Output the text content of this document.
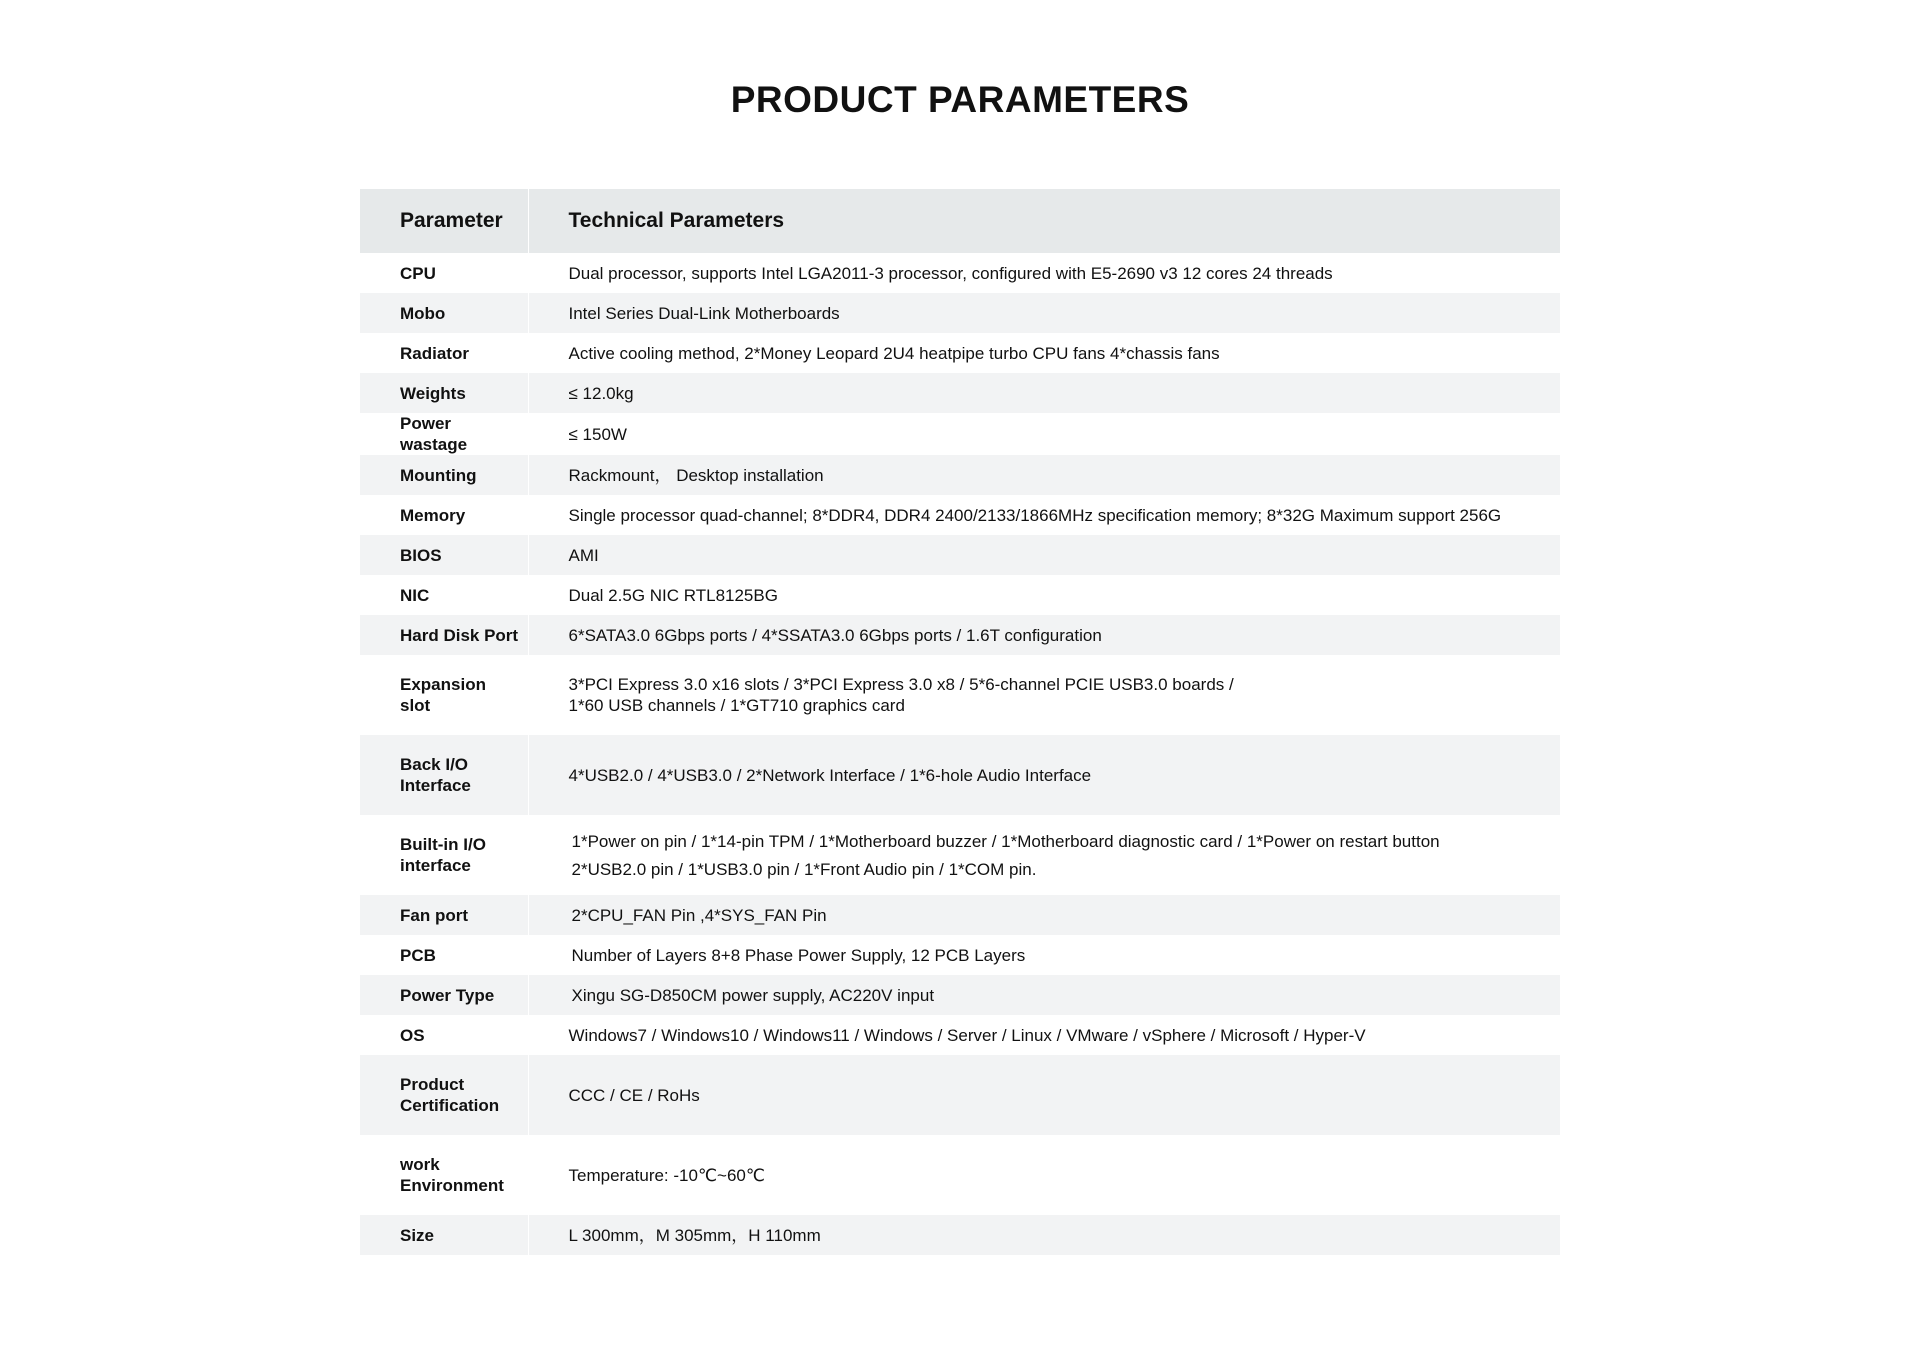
PRODUCT PARAMETERS
Parameter	Technical Parameters
CPU	Dual processor, supports Intel LGA2011-3 processor, configured with E5-2690 v3 12 cores 24 threads

Mobo	Intel Series Dual-Link Motherboards

Radiator	Active cooling method, 2*Money Leopard 2U4 heatpipe turbo CPU fans 4*chassis fans

Weights	≤ 12.0kg

Power wastage	≤ 150W

Mounting	Rackmount， Desktop installation

Memory	Single processor quad-channel; 8*DDR4, DDR4 2400/2133/1866MHz specification memory; 8*32G Maximum support 256G

BIOS	AMI

NIC	Dual 2.5G NIC RTL8125BG

Hard Disk Port	6*SATA3.0 6Gbps ports / 4*SSATA3.0 6Gbps ports / 1.6T configuration

Expansion slot	3*PCI Express 3.0 x16 slots / 3*PCI Express 3.0 x8 / 5*6-channel PCIE USB3.0 boards /
1*60 USB channels / 1*GT710 graphics card

Back I/O Interface	4*USB2.0 / 4*USB3.0 / 2*Network Interface / 1*6-hole Audio Interface

Built-in I/O interface	1*Power on pin / 1*14-pin TPM / 1*Motherboard buzzer / 1*Motherboard diagnostic card / 1*Power on restart button
2*USB2.0 pin / 1*USB3.0 pin / 1*Front Audio pin / 1*COM pin.

Fan port	2*CPU_FAN Pin ,4*SYS_FAN Pin

PCB	Number of Layers 8+8 Phase Power Supply, 12 PCB Layers

Power Type	Xingu SG-D850CM power supply, AC220V input

OS	Windows7 / Windows10 / Windows11 / Windows / Server / Linux / VMware / vSphere / Microsoft / Hyper-V

Product Certification	CCC / CE / RoHs

work Environment	Temperature: -10℃~60℃

Size	L 300mm，M 305mm，H 110mm
